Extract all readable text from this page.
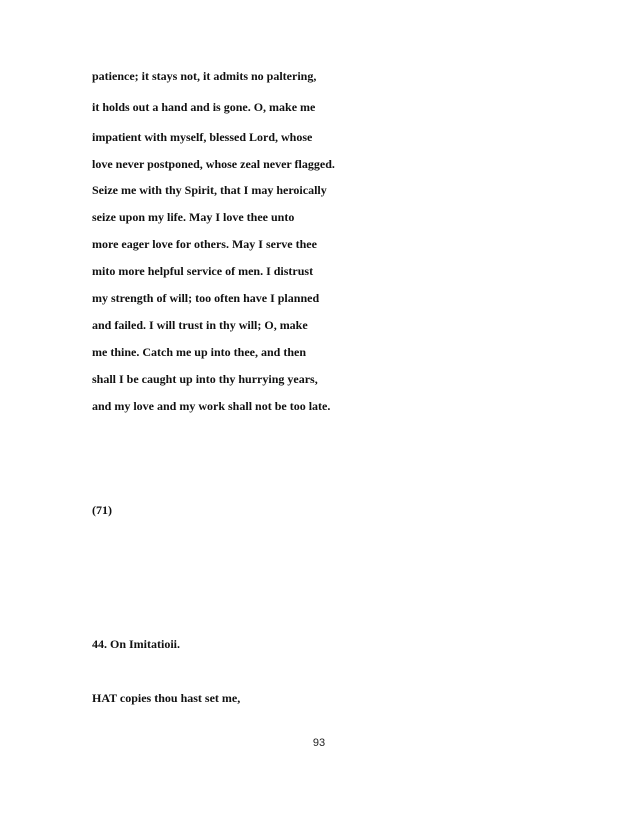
patience; it stays not, it admits no paltering,
it holds out a hand and is gone. O, make me
impatient with myself, blessed Lord, whose
love never postponed, whose zeal never flagged.
Seize me with thy Spirit, that I may heroically
seize upon my life. May I love thee unto
more eager love for others. May I serve thee
mito more helpful service of men. I distrust
my strength of will; too often have I planned
and failed. I will trust in thy will; O, make
me thine. Catch me up into thee, and then
shall I be caught up into thy hurrying years,
and my love and my work shall not be too late.
(71)
44. On Imitatioii.
HAT copies thou hast set me,
93
